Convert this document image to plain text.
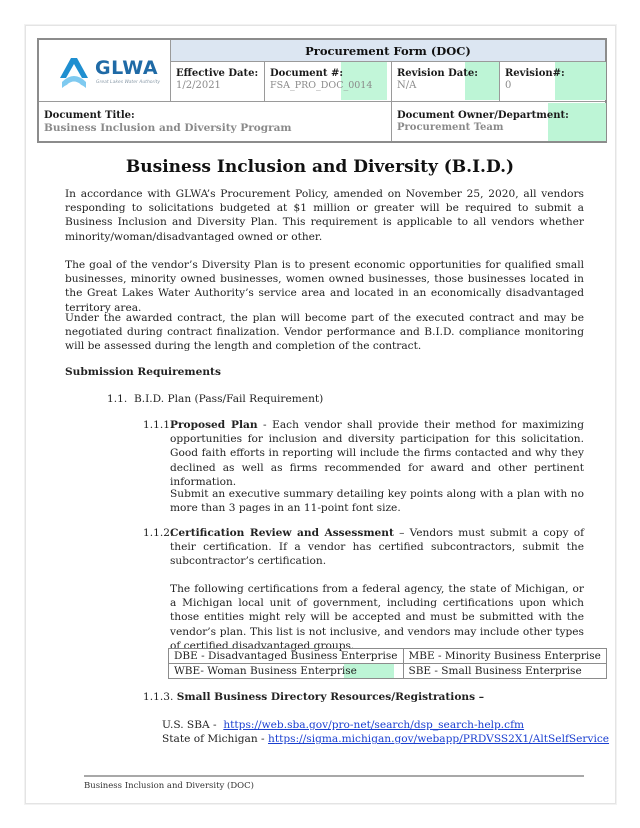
GLWA
Great Lakes Water Authority
Procurement Form (DOC)
Effective Date:
1/2/2021
Document #:
FSA_PRO_DOC_0014
Revision Date:
N/A
Revision#:
0
Document Title:
Business Inclusion and Diversity Program
Document Owner/Department:
Procurement Team
Business Inclusion and Diversity (B.I.D.)

In accordance with GLWA’s Procurement Policy, amended on November 25, 2020, all vendors responding to solicitations budgeted at $1 million or greater will be required to submit a Business Inclusion and Diversity Plan. This requirement is applicable to all vendors whether minority/woman/disadvantaged owned or other.

The goal of the vendor’s Diversity Plan is to present economic opportunities for qualified small businesses, minority owned businesses, women owned businesses, those businesses located in the Great Lakes Water Authority’s service area and located in an economically disadvantaged territory area.

Under the awarded contract, the plan will become part of the executed contract and may be negotiated during contract finalization. Vendor performance and B.I.D. compliance monitoring will be assessed during the length and completion of the contract.

Submission Requirements

1.1. B.I.D. Plan (Pass/Fail Requirement)

1.1.1.

Proposed Plan - Each vendor shall provide their method for maximizing opportunities for inclusion and diversity participation for this solicitation. Good faith efforts in reporting will include the firms contacted and why they declined as well as firms recommended for award and other pertinent information.

Submit an executive summary detailing key points along with a plan with no more than 3 pages in an 11-point font size.

1.1.2.

Certification Review and Assessment – Vendors must submit a copy of their certification. If a vendor has certified subcontractors, submit the subcontractor’s certification.

The following certifications from a federal agency, the state of Michigan, or a Michigan local unit of government, including certifications upon which those entities might rely will be accepted and must be submitted with the vendor’s plan. This list is not inclusive, and vendors may include other types of certified disadvantaged groups.

DBE - Disadvantaged Business Enterprise	MBE - Minority Business Enterprise

WBE- Woman Business Enterprise	SBE - Small Business Enterprise

1.1.3. Small Business Directory Resources/Registrations –

U.S. SBA -  https://web.sba.gov/pro-net/search/dsp_search-help.cfm

State of Michigan - https://sigma.michigan.gov/webapp/PRDVSS2X1/AltSelfService

Business Inclusion and Diversity (DOC)
